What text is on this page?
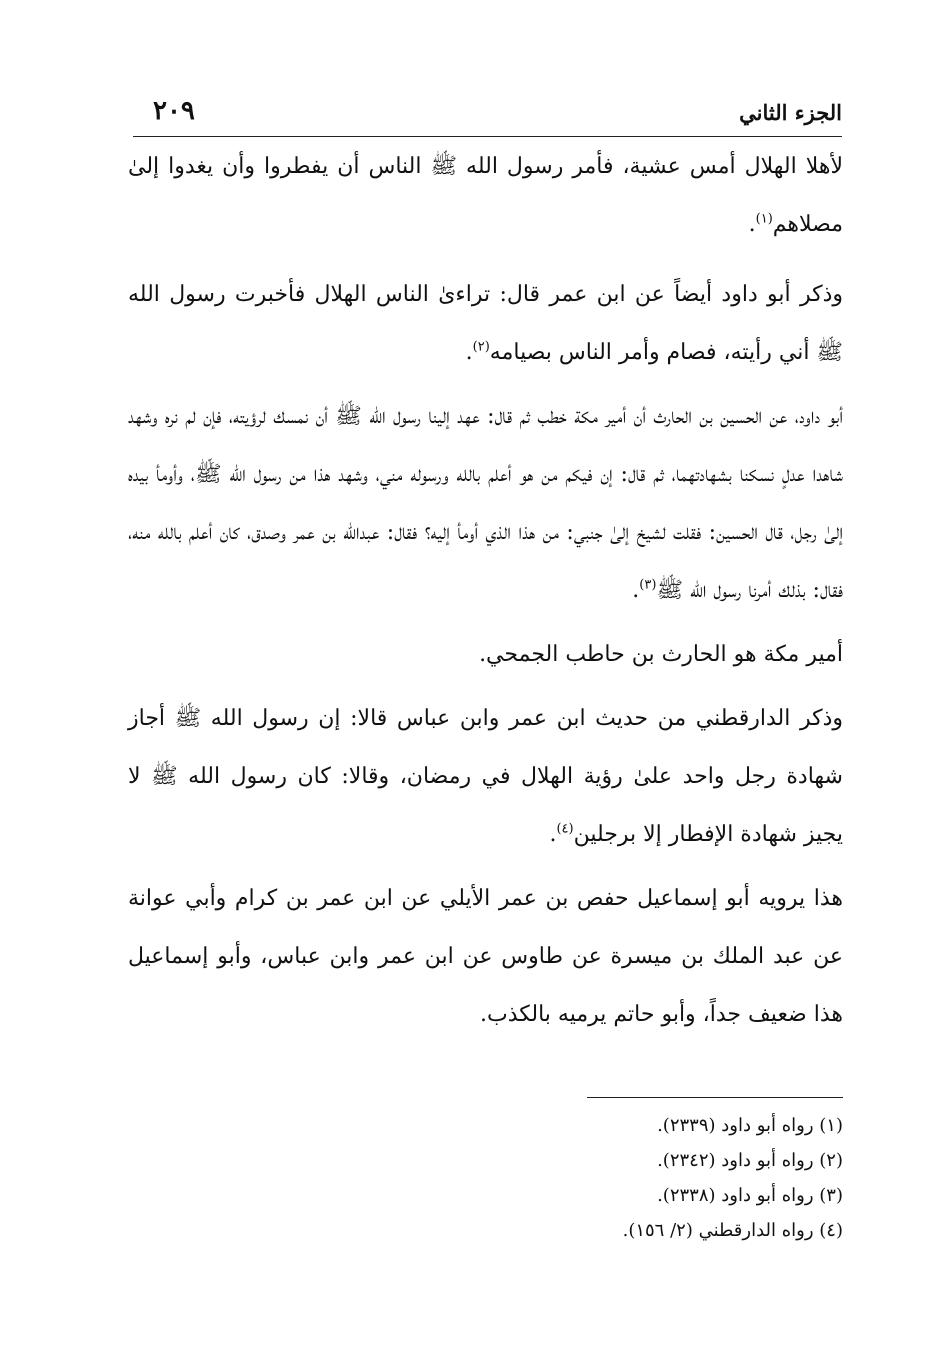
٢٠٩	الجزء الثاني

لأهلا الهلال أمس عشية، فأمر رسول الله ﷺ الناس أن يفطروا وأن يغدوا إلىٰ مصلاهم$^{(١)}$.

وذكر أبو داود أيضاً عن ابن عمر قال: تراءىٰ الناس الهلال فأخبرت رسول الله ﷺ أني رأيته، فصام وأمر الناس بصيامه$^{(٢)}$.

أبو داود، عن الحسين بن الحارث أن أمير مكة خطب ثم قال: عهد إلينا رسول الله ﷺ أن نمسك لرؤيته، فإن لم نره وشهد شاهدا عدلٍ نسكنا بشهادتهما، ثم قال: إن فيكم من هو أعلم بالله ورسوله مني، وشهد هذا من رسول الله ﷺ، وأومأ بيده إلىٰ رجل، قال الحسين: فقلت لشيخ إلىٰ جنبي: من هذا الذي أومأ إليه؟ فقال: عبدالله بن عمر وصدق، كان أعلم بالله منه، فقال: بذلك أمرنا رسول الله ﷺ$^{(٣)}$.

أمير مكة هو الحارث بن حاطب الجمحي.

وذكر الدارقطني من حديث ابن عمر وابن عباس قالا: إن رسول الله ﷺ أجاز شهادة رجل واحد علىٰ رؤية الهلال في رمضان، وقالا: كان رسول الله ﷺ لا يجيز شهادة الإفطار إلا برجلين$^{(٤)}$.

هذا يرويه أبو إسماعيل حفص بن عمر الأيلي عن ابن عمر بن كرام وأبي عوانة عن عبد الملك بن ميسرة عن طاوس عن ابن عمر وابن عباس، وأبو إسماعيل هذا ضعيف جداً، وأبو حاتم يرميه بالكذب.

(١) رواه أبو داود (٢٣٣٩).
(٢) رواه أبو داود (٢٣٤٢).
(٣) رواه أبو داود (٢٣٣٨).
(٤) رواه الدارقطني (٢/ ١٥٦).
